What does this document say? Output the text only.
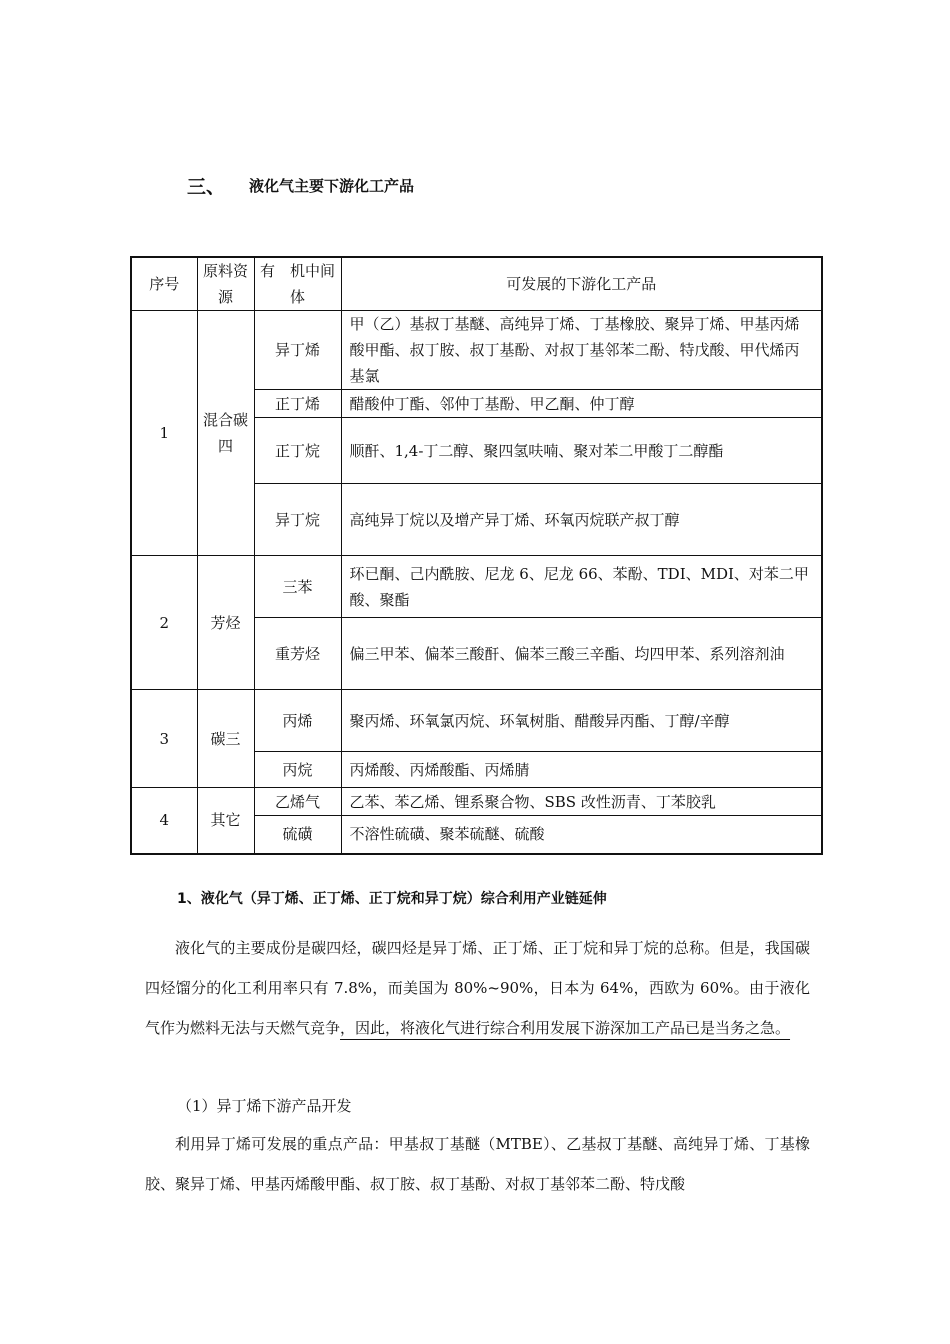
三、 液化气主要下游化工产品
序号	原料资源	有　机中间体	可发展的下游化工产品
1	混合碳四	异丁烯	甲（乙）基叔丁基醚、高纯异丁烯、丁基橡胶、聚异丁烯、甲基丙烯酸甲酯、叔丁胺、叔丁基酚、对叔丁基邻苯二酚、特戊酸、甲代烯丙基氯
		正丁烯	醋酸仲丁酯、邻仲丁基酚、甲乙酮、仲丁醇
		正丁烷	顺酐、1,4-丁二醇、聚四氢呋喃、聚对苯二甲酸丁二醇酯
		异丁烷	高纯异丁烷以及增产异丁烯、环氧丙烷联产叔丁醇
2	芳烃	三苯	环已酮、己内酰胺、尼龙 6、尼龙 66、苯酚、TDI、MDI、对苯二甲酸、聚酯
		重芳烃	偏三甲苯、偏苯三酸酐、偏苯三酸三辛酯、均四甲苯、系列溶剂油
3	碳三	丙烯	聚丙烯、环氧氯丙烷、环氧树脂、醋酸异丙酯、丁醇/辛醇
		丙烷	丙烯酸、丙烯酸酯、丙烯腈
4	其它	乙烯气	乙苯、苯乙烯、锂系聚合物、SBS 改性沥青、丁苯胶乳
		硫磺	不溶性硫磺、聚苯硫醚、硫酸
1、液化气（异丁烯、正丁烯、正丁烷和异丁烷）综合利用产业链延伸
液化气的主要成份是碳四烃，碳四烃是异丁烯、正丁烯、正丁烷和异丁烷的总称。但是，我国碳四烃馏分的化工利用率只有 7.8%，而美国为 80%~90%，日本为 64%，西欧为 60%。由于液化气作为燃料无法与天燃气竞争，因此，将液化气进行综合利用发展下游深加工产品已是当务之急。
（1）异丁烯下游产品开发
利用异丁烯可发展的重点产品：甲基叔丁基醚（MTBE）、乙基叔丁基醚、高纯异丁烯、丁基橡胶、聚异丁烯、甲基丙烯酸甲酯、叔丁胺、叔丁基酚、对叔丁基邻苯二酚、特戊酸
